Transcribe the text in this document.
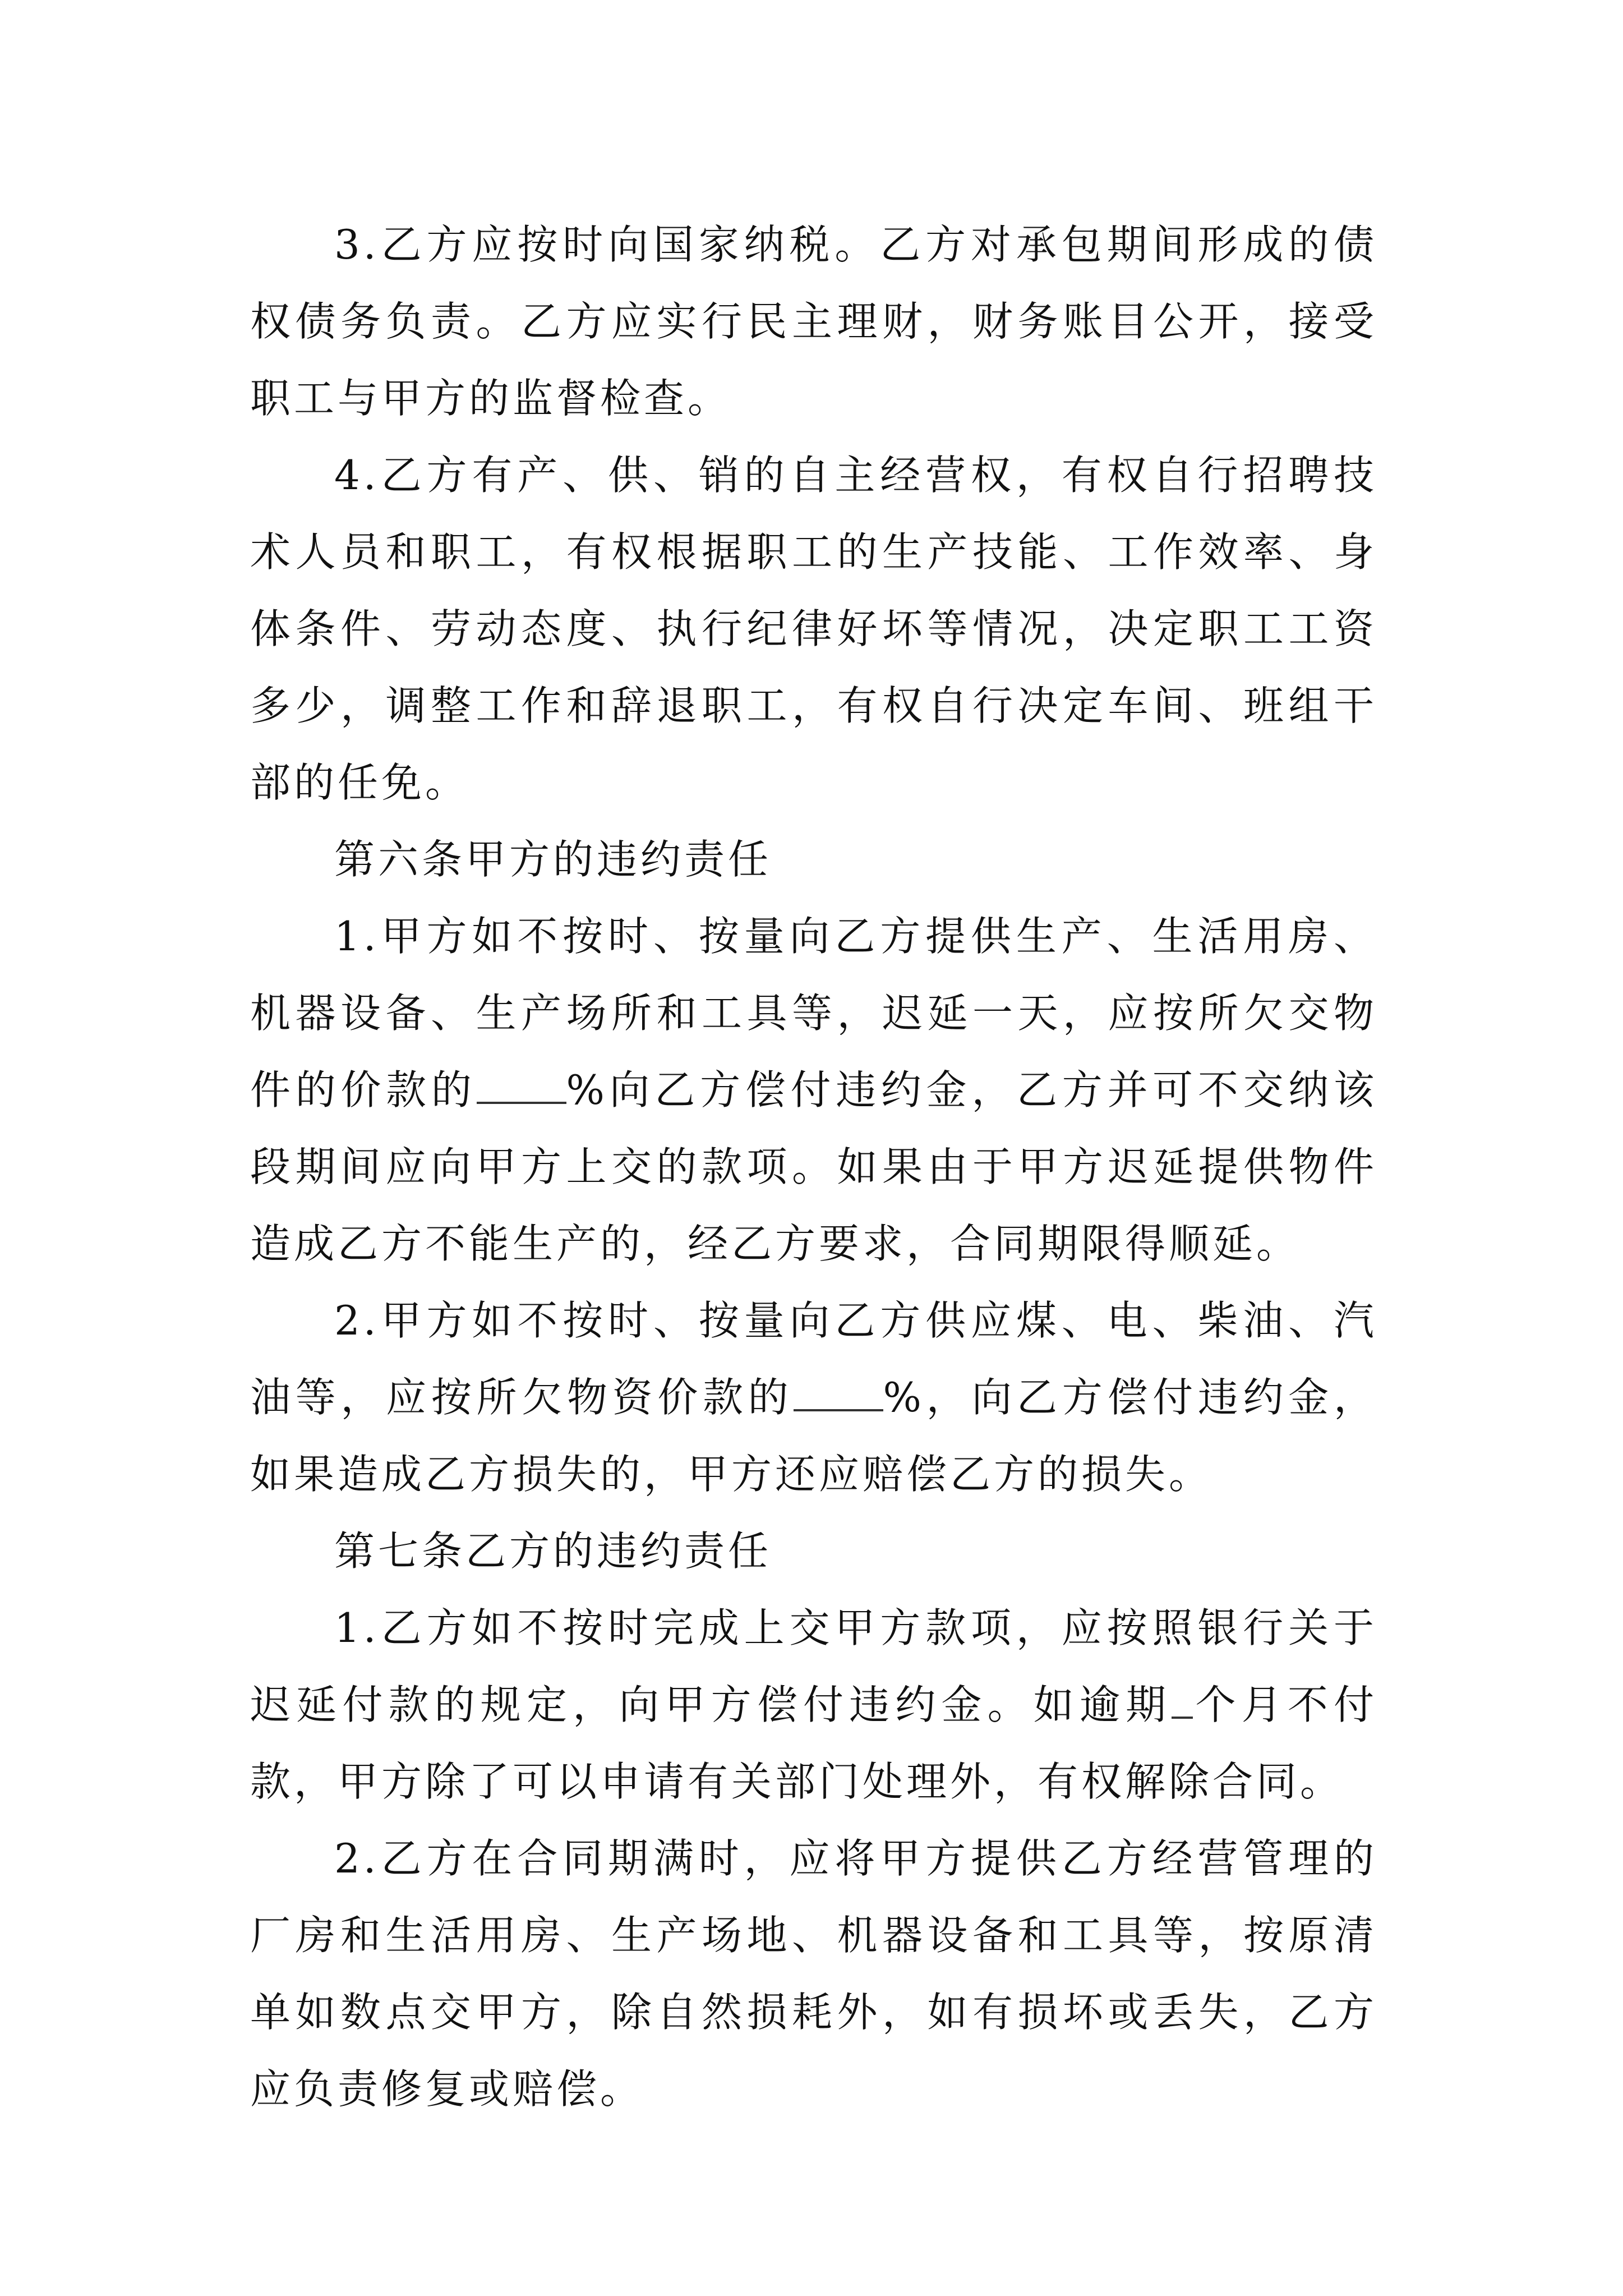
3.乙方应按时向国家纳税。乙方对承包期间形成的债权债务负责。乙方应实行民主理财，财务账目公开，接受职工与甲方的监督检查。

4.乙方有产、供、销的自主经营权，有权自行招聘技术人员和职工，有权根据职工的生产技能、工作效率、身体条件、劳动态度、执行纪律好坏等情况，决定职工工资多少，调整工作和辞退职工，有权自行决定车间、班组干部的任免。

第六条甲方的违约责任

1.甲方如不按时、按量向乙方提供生产、生活用房、机器设备、生产场所和工具等，迟延一天，应按所欠交物件的价款的 %向乙方偿付违约金，乙方并可不交纳该段期间应向甲方上交的款项。如果由于甲方迟延提供物件造成乙方不能生产的，经乙方要求，合同期限得顺延。

2.甲方如不按时、按量向乙方供应煤、电、柴油、汽油等，应按所欠物资价款的 %，向乙方偿付违约金，如果造成乙方损失的，甲方还应赔偿乙方的损失。

第七条乙方的违约责任

1.乙方如不按时完成上交甲方款项，应按照银行关于迟延付款的规定，向甲方偿付违约金。如逾期 个月不付款，甲方除了可以申请有关部门处理外，有权解除合同。

2.乙方在合同期满时，应将甲方提供乙方经营管理的厂房和生活用房、生产场地、机器设备和工具等，按原清单如数点交甲方，除自然损耗外，如有损坏或丢失，乙方应负责修复或赔偿。
